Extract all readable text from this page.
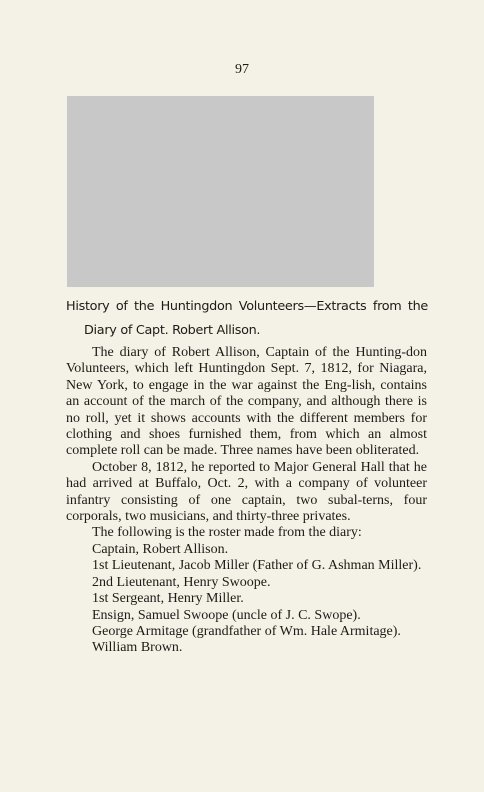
97
History of the Huntingdon Volunteers—Extracts from the
Diary of Capt. Robert Allison.

The diary of Robert Allison, Captain of the Hunting-don Volunteers, which left Huntingdon Sept. 7, 1812, for Niagara, New York, to engage in the war against the Eng-lish, contains an account of the march of the company, and although there is no roll, yet it shows accounts with the different members for clothing and shoes furnished them, from which an almost complete roll can be made. Three names have been obliterated.

October 8, 1812, he reported to Major General Hall that he had arrived at Buffalo, Oct. 2, with a company of volunteer infantry consisting of one captain, two subal-terns, four corporals, two musicians, and thirty-three privates.

The following is the roster made from the diary:

Captain, Robert Allison.
1st Lieutenant, Jacob Miller (Father of G. Ashman Miller).
2nd Lieutenant, Henry Swoope.
1st Sergeant, Henry Miller.
Ensign, Samuel Swoope (uncle of J. C. Swope).
George Armitage (grandfather of Wm. Hale Armitage).
William Brown.
